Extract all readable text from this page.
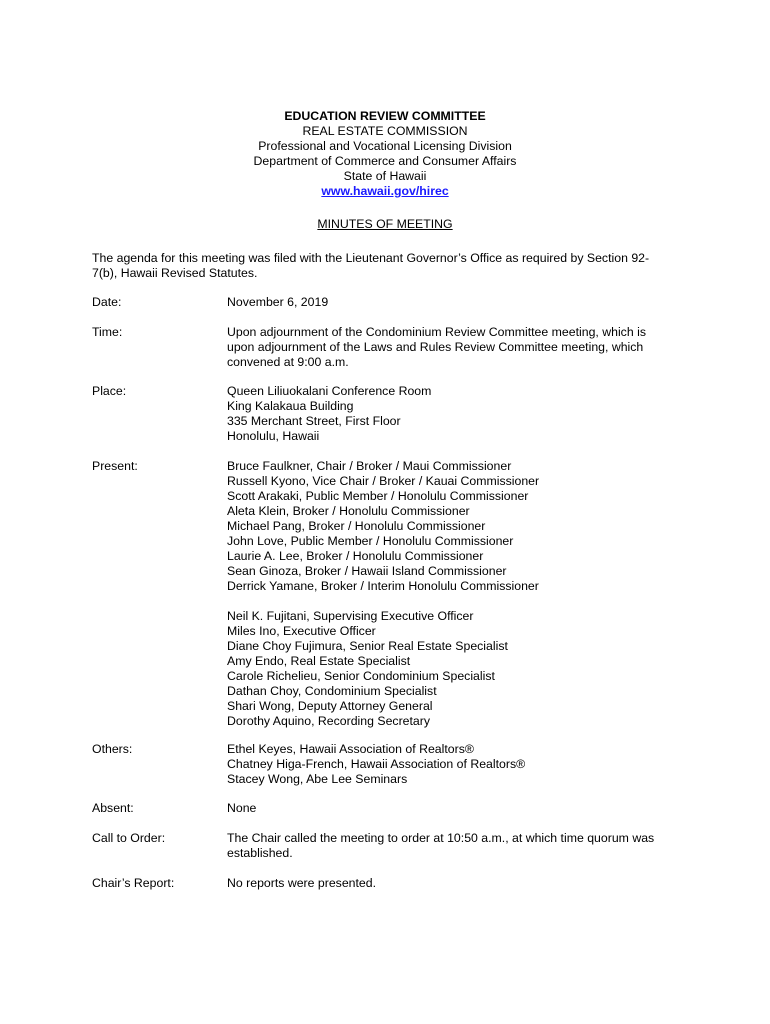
EDUCATION REVIEW COMMITTEE
REAL ESTATE COMMISSION
Professional and Vocational Licensing Division
Department of Commerce and Consumer Affairs
State of Hawaii
www.hawaii.gov/hirec
MINUTES OF MEETING
The agenda for this meeting was filed with the Lieutenant Governor’s Office as required by Section 92-
7(b), Hawaii Revised Statutes.
Date:	November 6, 2019
Time:	Upon adjournment of the Condominium Review Committee meeting, which is
upon adjournment of the Laws and Rules Review Committee meeting, which
convened at 9:00 a.m.
Place:	Queen Liliuokalani Conference Room
King Kalakaua Building
335 Merchant Street, First Floor
Honolulu, Hawaii
Present:	Bruce Faulkner, Chair / Broker / Maui Commissioner
Russell Kyono, Vice Chair / Broker / Kauai Commissioner
Scott Arakaki, Public Member / Honolulu Commissioner
Aleta Klein, Broker / Honolulu Commissioner
Michael Pang, Broker / Honolulu Commissioner
John Love, Public Member / Honolulu Commissioner
Laurie A. Lee, Broker / Honolulu Commissioner
Sean Ginoza, Broker / Hawaii Island Commissioner
Derrick Yamane, Broker / Interim Honolulu Commissioner
Neil K. Fujitani, Supervising Executive Officer
Miles Ino, Executive Officer
Diane Choy Fujimura, Senior Real Estate Specialist
Amy Endo, Real Estate Specialist
Carole Richelieu, Senior Condominium Specialist
Dathan Choy, Condominium Specialist
Shari Wong, Deputy Attorney General
Dorothy Aquino, Recording Secretary
Others:	Ethel Keyes, Hawaii Association of Realtors®
Chatney Higa-French, Hawaii Association of Realtors®
Stacey Wong, Abe Lee Seminars
Absent:	None
Call to Order:	The Chair called the meeting to order at 10:50 a.m., at which time quorum was
established.
Chair’s Report:	No reports were presented.
